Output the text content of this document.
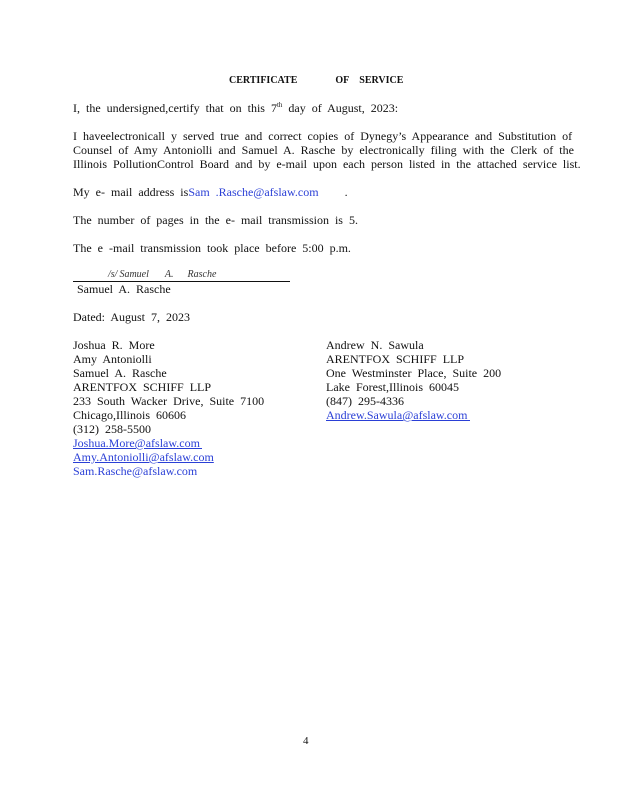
CERTIFICATE	OF SERVICE
I, the undersigned,certify that on this 7th day of August, 2023:
I haveelectronicall y served true and correct copies of Dynegy’s Appearance and Substitution of
Counsel of Amy Antoniolli and Samuel A. Rasche by electronically filing with the Clerk of the
Illinois PollutionControl Board and by e-mail upon each person listed in the attached service list.
My e- mail address isSam .Rasche@afslaw.com .
The number of pages in the e- mail transmission is 5.
The e -mail transmission took place before 5:00 p.m.
/s/ Samuel A. Rasche
Samuel A. Rasche
Dated: August 7, 2023
Joshua R. More
Amy Antoniolli
Samuel A. Rasche
ARENTFOX SCHIFF LLP
233 South Wacker Drive, Suite 7100
Chicago,Illinois 60606
(312) 258-5500
Joshua.More@afslaw.com
Amy.Antoniolli@afslaw.com
Sam.Rasche@afslaw.com
Andrew N. Sawula
ARENTFOX SCHIFF LLP
One Westminster Place, Suite 200
Lake Forest,Illinois 60045
(847) 295-4336
Andrew.Sawula@afslaw.com
4
